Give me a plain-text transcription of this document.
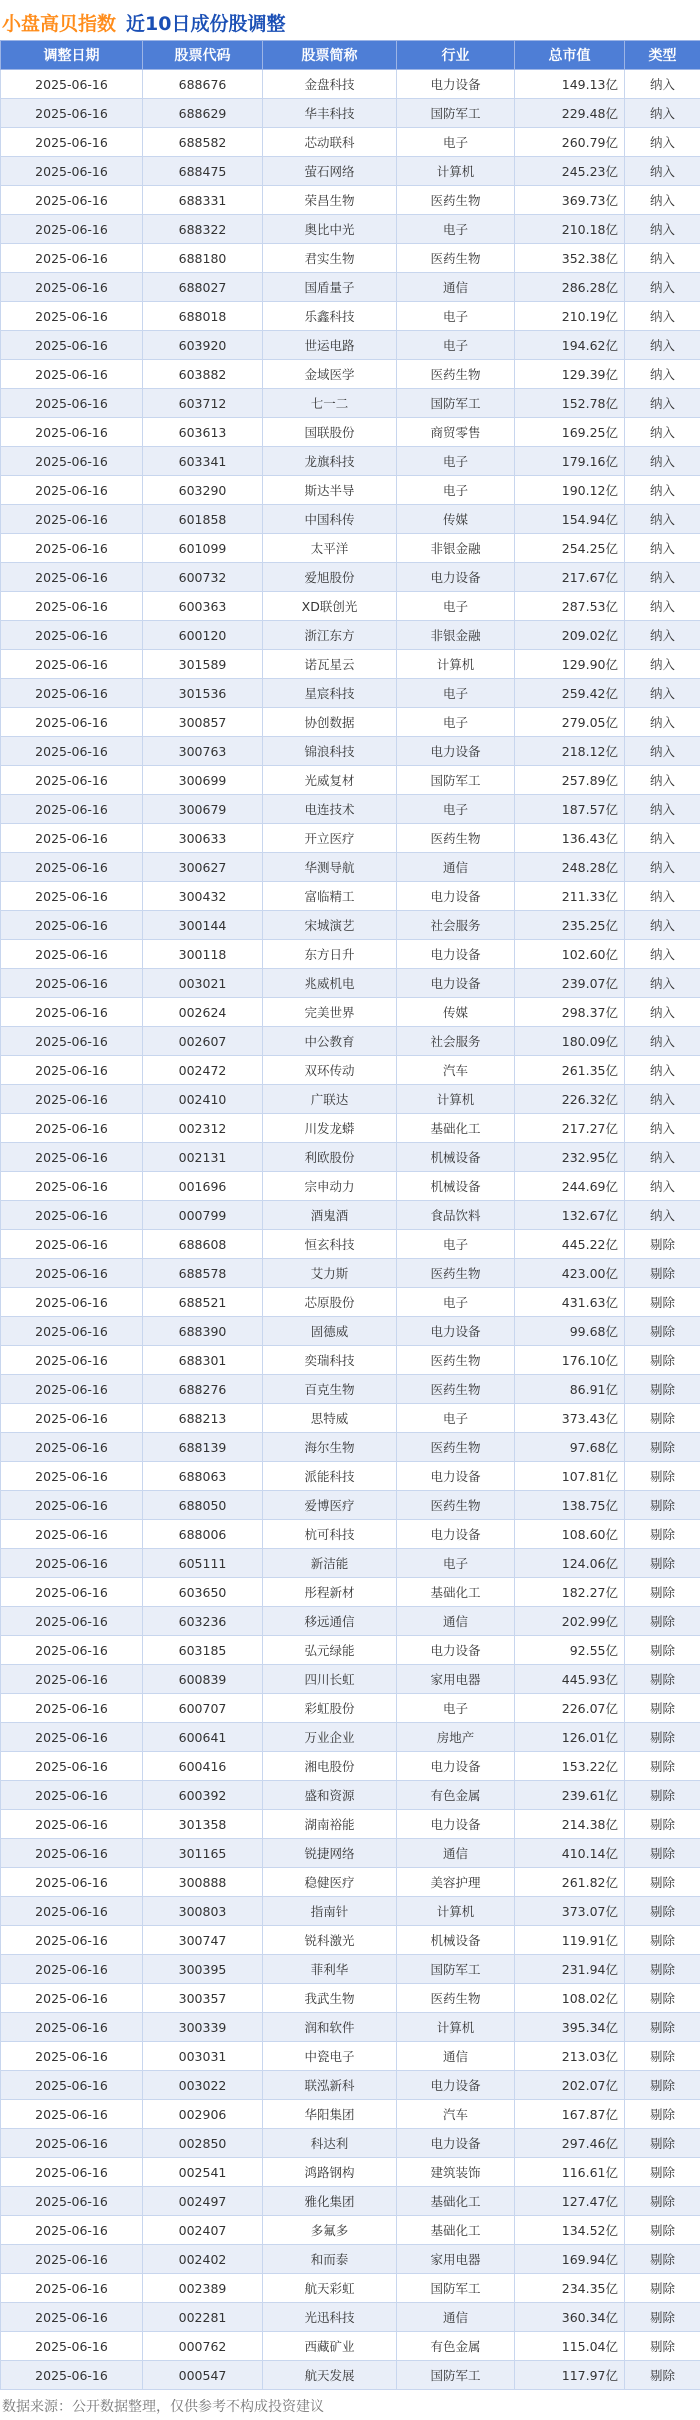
小盘高贝指数 近10日成份股调整
调整日期	股票代码	股票简称	行业	总市值	类型
2025-06-16	688676	金盘科技	电力设备	149.13亿	纳入
2025-06-16	688629	华丰科技	国防军工	229.48亿	纳入
2025-06-16	688582	芯动联科	电子	260.79亿	纳入
2025-06-16	688475	萤石网络	计算机	245.23亿	纳入
2025-06-16	688331	荣昌生物	医药生物	369.73亿	纳入
2025-06-16	688322	奥比中光	电子	210.18亿	纳入
2025-06-16	688180	君实生物	医药生物	352.38亿	纳入
2025-06-16	688027	国盾量子	通信	286.28亿	纳入
2025-06-16	688018	乐鑫科技	电子	210.19亿	纳入
2025-06-16	603920	世运电路	电子	194.62亿	纳入
2025-06-16	603882	金域医学	医药生物	129.39亿	纳入
2025-06-16	603712	七一二	国防军工	152.78亿	纳入
2025-06-16	603613	国联股份	商贸零售	169.25亿	纳入
2025-06-16	603341	龙旗科技	电子	179.16亿	纳入
2025-06-16	603290	斯达半导	电子	190.12亿	纳入
2025-06-16	601858	中国科传	传媒	154.94亿	纳入
2025-06-16	601099	太平洋	非银金融	254.25亿	纳入
2025-06-16	600732	爱旭股份	电力设备	217.67亿	纳入
2025-06-16	600363	XD联创光	电子	287.53亿	纳入
2025-06-16	600120	浙江东方	非银金融	209.02亿	纳入
2025-06-16	301589	诺瓦星云	计算机	129.90亿	纳入
2025-06-16	301536	星宸科技	电子	259.42亿	纳入
2025-06-16	300857	协创数据	电子	279.05亿	纳入
2025-06-16	300763	锦浪科技	电力设备	218.12亿	纳入
2025-06-16	300699	光威复材	国防军工	257.89亿	纳入
2025-06-16	300679	电连技术	电子	187.57亿	纳入
2025-06-16	300633	开立医疗	医药生物	136.43亿	纳入
2025-06-16	300627	华测导航	通信	248.28亿	纳入
2025-06-16	300432	富临精工	电力设备	211.33亿	纳入
2025-06-16	300144	宋城演艺	社会服务	235.25亿	纳入
2025-06-16	300118	东方日升	电力设备	102.60亿	纳入
2025-06-16	003021	兆威机电	电力设备	239.07亿	纳入
2025-06-16	002624	完美世界	传媒	298.37亿	纳入
2025-06-16	002607	中公教育	社会服务	180.09亿	纳入
2025-06-16	002472	双环传动	汽车	261.35亿	纳入
2025-06-16	002410	广联达	计算机	226.32亿	纳入
2025-06-16	002312	川发龙蟒	基础化工	217.27亿	纳入
2025-06-16	002131	利欧股份	机械设备	232.95亿	纳入
2025-06-16	001696	宗申动力	机械设备	244.69亿	纳入
2025-06-16	000799	酒鬼酒	食品饮料	132.67亿	纳入
2025-06-16	688608	恒玄科技	电子	445.22亿	剔除
2025-06-16	688578	艾力斯	医药生物	423.00亿	剔除
2025-06-16	688521	芯原股份	电子	431.63亿	剔除
2025-06-16	688390	固德威	电力设备	99.68亿	剔除
2025-06-16	688301	奕瑞科技	医药生物	176.10亿	剔除
2025-06-16	688276	百克生物	医药生物	86.91亿	剔除
2025-06-16	688213	思特威	电子	373.43亿	剔除
2025-06-16	688139	海尔生物	医药生物	97.68亿	剔除
2025-06-16	688063	派能科技	电力设备	107.81亿	剔除
2025-06-16	688050	爱博医疗	医药生物	138.75亿	剔除
2025-06-16	688006	杭可科技	电力设备	108.60亿	剔除
2025-06-16	605111	新洁能	电子	124.06亿	剔除
2025-06-16	603650	彤程新材	基础化工	182.27亿	剔除
2025-06-16	603236	移远通信	通信	202.99亿	剔除
2025-06-16	603185	弘元绿能	电力设备	92.55亿	剔除
2025-06-16	600839	四川长虹	家用电器	445.93亿	剔除
2025-06-16	600707	彩虹股份	电子	226.07亿	剔除
2025-06-16	600641	万业企业	房地产	126.01亿	剔除
2025-06-16	600416	湘电股份	电力设备	153.22亿	剔除
2025-06-16	600392	盛和资源	有色金属	239.61亿	剔除
2025-06-16	301358	湖南裕能	电力设备	214.38亿	剔除
2025-06-16	301165	锐捷网络	通信	410.14亿	剔除
2025-06-16	300888	稳健医疗	美容护理	261.82亿	剔除
2025-06-16	300803	指南针	计算机	373.07亿	剔除
2025-06-16	300747	锐科激光	机械设备	119.91亿	剔除
2025-06-16	300395	菲利华	国防军工	231.94亿	剔除
2025-06-16	300357	我武生物	医药生物	108.02亿	剔除
2025-06-16	300339	润和软件	计算机	395.34亿	剔除
2025-06-16	003031	中瓷电子	通信	213.03亿	剔除
2025-06-16	003022	联泓新科	电力设备	202.07亿	剔除
2025-06-16	002906	华阳集团	汽车	167.87亿	剔除
2025-06-16	002850	科达利	电力设备	297.46亿	剔除
2025-06-16	002541	鸿路钢构	建筑装饰	116.61亿	剔除
2025-06-16	002497	雅化集团	基础化工	127.47亿	剔除
2025-06-16	002407	多氟多	基础化工	134.52亿	剔除
2025-06-16	002402	和而泰	家用电器	169.94亿	剔除
2025-06-16	002389	航天彩虹	国防军工	234.35亿	剔除
2025-06-16	002281	光迅科技	通信	360.34亿	剔除
2025-06-16	000762	西藏矿业	有色金属	115.04亿	剔除
2025-06-16	000547	航天发展	国防军工	117.97亿	剔除
数据来源：公开数据整理，仅供参考不构成投资建议
